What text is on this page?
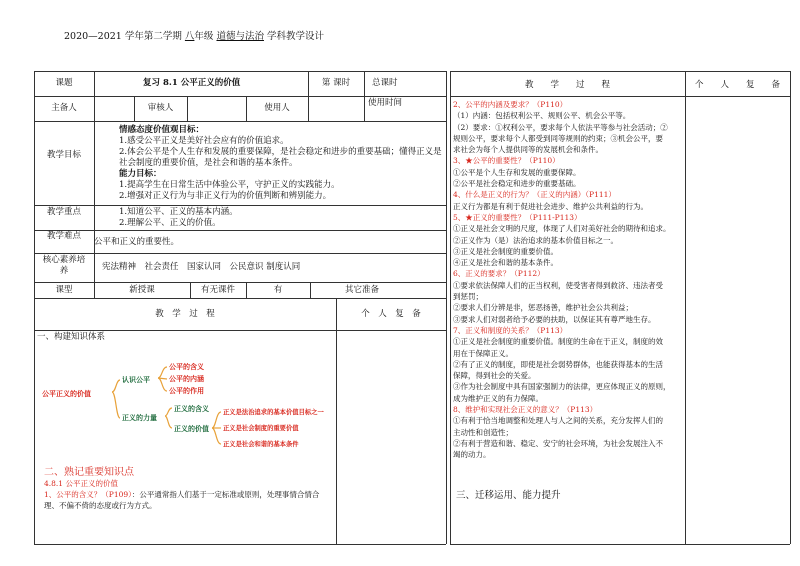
2020—2021 学年第二学期 八年级 道德与法治 学科教学设计
课题	复习 8.1 公平正义的价值	第 课时	总课时
主备人	审核人	使用人	使用时间
教学目标
情感态度价值观目标：
1.感受公平正义是美好社会应有的价值追求。
2.体会公平是个人生存和发展的重要保障，是社会稳定和进步的重要基础；懂得正义是
社会制度的重要价值，是社会和谐的基本条件。
能力目标：
1.提高学生在日常生活中体验公平，守护正义的实践能力。
2.增强对正义行为与非正义行为的价值判断和辨别能力。
教学重点	1.知道公平、正义的基本内涵。
2.理解公平、正义的价值。
教学难点
公平和正义的重要性。
核心素养培养	宪法精神　社会责任　国家认同　公民意识 制度认同
课型	新授课	有无课件	有	其它准备
教　学　过　程	个　人　复　备
一、构建知识体系
公平正义的价值
认识公平
公平的含义
公平的内涵
公平的作用
正义的力量
正义的含义
正义的价值
正义是法治追求的基本价值目标之一
正义是社会制度的重要价值
正义是社会和谐的基本条件
二、熟记重要知识点
4.8.1 公平正义的价值
1、公平的含义？（P109）：公平通常指人们基于一定标准或原则，处理事情合情合
理、不偏不倚的态度或行为方式。
教　　学　　过　　程	个　　人　　复　　备
2、公平的内涵及要求？（P110）
（1）内涵：包括权利公平、规则公平、机会公平等。
（2）要求：①权利公平，要求每个人依法平等参与社会活动；②
规则公平，要求每个人都受到同等规则的约束；③机会公平，要
求社会为每个人提供同等的发展机会和条件。
3、★公平的重要性？（P110）
①公平是个人生存和发展的重要保障。
②公平是社会稳定和进步的重要基础。
4、什么是正义的行为？（正义的内涵）（P111）
正义行为都是有利于促进社会进步、维护公共利益的行为。
5、★正义的重要性？（P111-P113）
①正义是社会文明的尺度，体现了人们对美好社会的期待和追求。
②正义作为（是）法治追求的基本价值目标之一。
③正义是社会制度的重要价值。
④正义是社会和谐的基本条件。
6、正义的要求？（P112）
①要求依法保障人们的正当权利，使受害者得到救济、违法者受
到惩罚；
②要求人们分辨是非，惩恶扬善，维护社会公共利益；
③要求人们对弱者给予必要的扶助，以保证其有尊严地生存。
7、正义和制度的关系？（P113）
①正义是社会制度的重要价值。制度的生命在于正义，制度的效
用在于保障正义。
②有了正义的制度，即使是社会弱势群体，也能获得基本的生活
保障，得到社会的关爱。
③作为社会制度中具有国家强制力的法律，更应体现正义的原则，
成为维护正义的有力保障。
8、维护和实现社会正义的意义？（P113）
①有利于恰当地调整和处理人与人之间的关系，充分发挥人们的
主动性和创造性；
②有利于营造和谐、稳定、安宁的社会环境，为社会发展注入不
竭的动力。
三、迁移运用、能力提升
